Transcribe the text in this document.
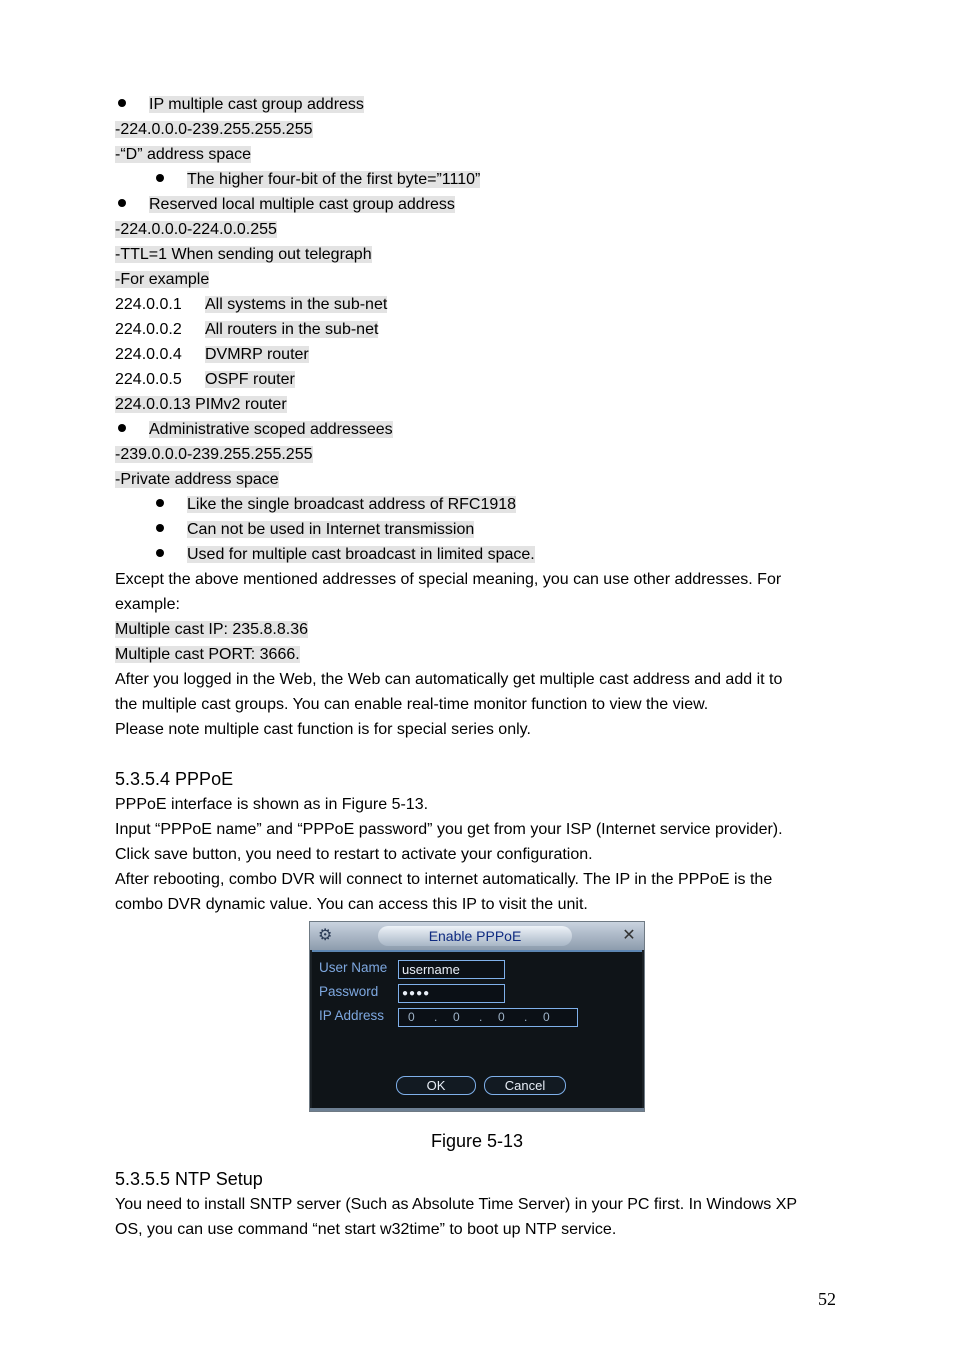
IP multiple cast group address
-224.0.0.0-239.255.255.255
-“D” address space
The higher four-bit of the first byte=”1110”
Reserved local multiple cast group address
-224.0.0.0-224.0.0.255
-TTL=1 When sending out telegraph
-For example
224.0.0.1 All systems in the sub-net
224.0.0.2 All routers in the sub-net
224.0.0.4 DVMRP router
224.0.0.5 OSPF router
224.0.0.13 PIMv2 router
Administrative scoped addressees
-239.0.0.0-239.255.255.255
-Private address space
Like the single broadcast address of RFC1918
Can not be used in Internet transmission
Used for multiple cast broadcast in limited space.
Except the above mentioned addresses of special meaning, you can use other addresses. For
example:
Multiple cast IP: 235.8.8.36
Multiple cast PORT: 3666.
After you logged in the Web, the Web can automatically get multiple cast address and add it to
the multiple cast groups. You can enable real-time monitor function to view the view.
Please note multiple cast function is for special series only.
5.3.5.4 PPPoE
PPPoE interface is shown as in Figure 5-13.
Input “PPPoE name” and “PPPoE password” you get from your ISP (Internet service provider).
Click save button, you need to restart to activate your configuration.
After rebooting, combo DVR will connect to internet automatically. The IP in the PPPoE is the
combo DVR dynamic value. You can access this IP to visit the unit.
⚙	Enable PPPoE	✕
User Name	username
Password	●●●●
IP Address 0 . 0 . 0 . 0
OK	Cancel
Figure 5-13
5.3.5.5 NTP Setup
You need to install SNTP server (Such as Absolute Time Server) in your PC first. In Windows XP
OS, you can use command “net start w32time” to boot up NTP service.
52
